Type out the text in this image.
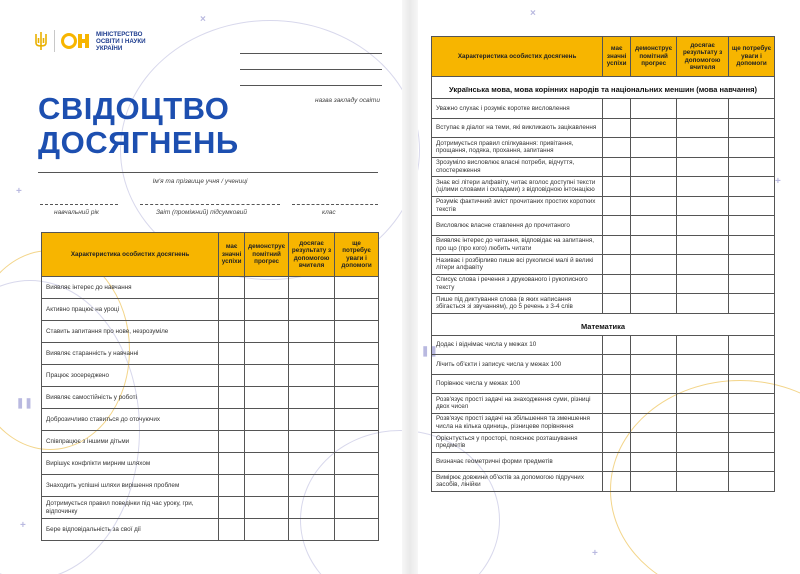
+
+
×
×
❚❚
❚❚
+
+
МІНІСТЕРСТВО
ОСВІТИ І НАУКИ
УКРАЇНИ
назва закладу освіти
СВІДОЦТВО
ДОСЯГНЕНЬ
Ім'я та прізвище учня / учениці
навчальний рік	Звіт (проміжний) підсумковий	клас
Характеристика особистих досягнень	має значні успіхи	демонструє помітний прогрес	досягає результату з допомогою вчителя	ще потребує уваги і допомоги
Виявляє інтерес до навчання				
Активно працює на уроці				
Ставить запитання про нове, незрозуміле				
Виявляє старанність у навчанні				
Працює зосереджено				
Виявляє самостійність у роботі				
Доброзичливо ставиться до оточуючих				
Співпрацює з іншими дітьми				
Вирішує конфлікти мирним шляхом				
Знаходить успішні шляхи вирішення проблем				
Дотримується правил поведінки під час уроку, гри, відпочинку				
Бере відповідальність за свої дії				
Характеристика особистих досягнень	має значні успіхи	демонструє помітний прогрес	досягає результату з допомогою вчителя	ще потребує уваги і допомоги
Українська мова, мова корінних народів та національних меншин (мова навчання)				
Уважно слухає і розуміє коротке висловлення				
Вступає в діалог на теми, які викликають зацікавлення				
Дотримується правил спілкування: привітання, прощання, подяка, прохання, запитання				
Зрозуміло висловлює власні потреби, відчуття, спостереження				
Знає всі літери алфавіту, читає вголос доступні тексти (цілими словами і складами) з відповідною інтонацією				
Розуміє фактичний зміст прочитаних простих коротких текстів				
Висловлює власне ставлення до прочитаного				
Виявляє інтерес до читання, відповідає на запитання, про що (про кого) любить читати				
Називає і розбірливо пише всі рукописні малі й великі літери алфавіту				
Списує слова і речення з друкованого і рукописного тексту				
Пише під диктування слова (в яких написання збігається зі звучанням), до 5 речень з 3-4 слів				
Математика				
Додає і віднімає числа у межах 10				
Лічить об'єкти і записує числа у межах 100				
Порівнює числа у межах 100				
Розв'язує прості задачі на знаходження суми, різниці двох чисел				
Розв'язує прості задачі на збільшення та зменшення числа на кілька одиниць, різницеве порівняння				
Орієнтується у просторі, пояснює розташування предметів				
Визначає геометричні форми предметів				
Вимірює довжини об'єктів за допомогою підручних засобів, лінійки				
